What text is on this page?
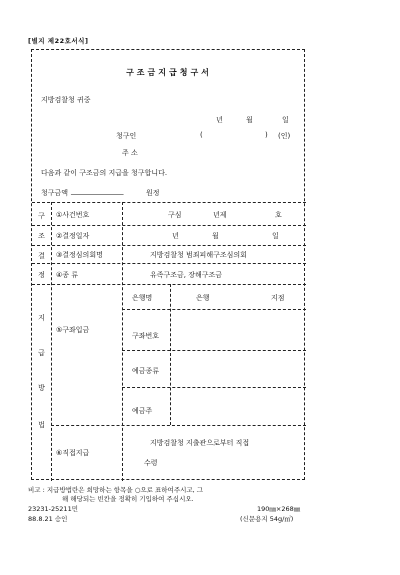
[별지 제22호서식]
구조금지급청구서
지방검찰청 귀중
년	월	일
청구인	(	) (인)
주 소
다음과 같이 구조금의 지급을 청구합니다.
청구금액 _______________	원정
구
조
결
정
①사건번호	구심	년제	호
②결정일자	년	월	일
③결정심의회명	지방검찰청 범죄피해구조심의회
④종 류	유족구조금, 장해구조금
지
급
방
법
⑤구좌입금
은행명	은행	지점
구좌번호
예금종류
예금주
⑥직접지급
지방검찰청 지출관으로부터 직접
수령
비고 : 지급방법란은 희망하는 항목을 ○으로 표하여주시고, 그
해 해당되는 빈칸을 정확히 기입하여 주십시오.
23231-25211민
88.8.21 승인
190㎜×268㎜
(신문용지 54g/㎡)
